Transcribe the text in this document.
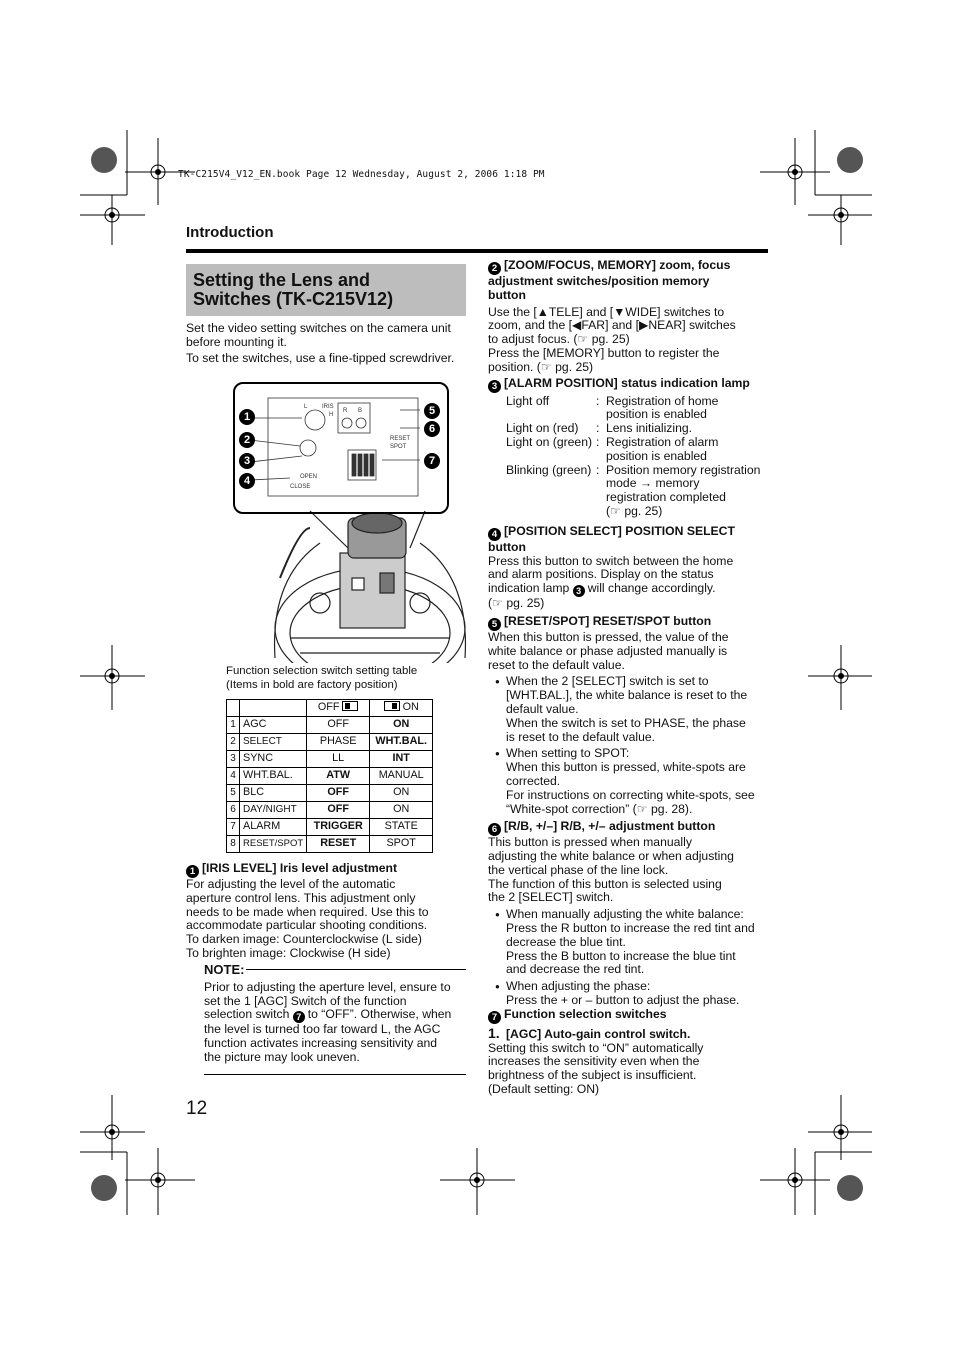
TK-C215V4_V12_EN.book Page 12 Wednesday, August 2, 2006 1:18 PM
Introduction
Setting the Lens and
Switches (TK-C215V12)

Set the video setting switches on the camera unit before mounting it.

To set the switches, use a fine-tipped screwdriver.

OPEN
CLOSE
RESET
SPOT
R B
IRIS
L
H
1
2
3
4
5
6
7
Function selection switch setting table
(Items in bold are factory position)
		OFF	ON
1	AGC	OFF	ON
2	SELECT	PHASE	WHT.BAL.
3	SYNC	LL	INT
4	WHT.BAL.	ATW	MANUAL
5	BLC	OFF	ON
6	DAY/NIGHT	OFF	ON
7	ALARM	TRIGGER	STATE
8	RESET/SPOT	RESET	SPOT

1 [IRIS LEVEL] Iris level adjustment

For adjusting the level of the automatic

aperture control lens. This adjustment only

needs to be made when required. Use this to

accommodate particular shooting conditions.

To darken image: Counterclockwise (L side)

To brighten image: Clockwise (H side)

NOTE:

Prior to adjusting the aperture level, ensure to

set the 1 [AGC] Switch of the function

selection switch 7 to “OFF”. Otherwise, when

the level is turned too far toward L, the AGC

function activates increasing sensitivity and

the picture may look uneven.

2 [ZOOM/FOCUS, MEMORY] zoom, focus

adjustment switches/position memory

button

Use the [▲TELE] and [▼WIDE] switches to

zoom, and the [◀FAR] and [▶NEAR] switches

to adjust focus. (☞ pg. 25)

Press the [MEMORY] button to register the

position. (☞ pg. 25)

3 [ALARM POSITION] status indication lamp

Light off	: Registration of home
position is enabled
Light on (red)	: Lens initializing.
Light on (green) : Registration of alarm
position is enabled
Blinking (green) : Position memory registration
mode → memory
registration completed
(☞ pg. 25)

4 [POSITION SELECT] POSITION SELECT

button

Press this button to switch between the home

and alarm positions. Display on the status

indication lamp 3 will change accordingly.

(☞ pg. 25)

5 [RESET/SPOT] RESET/SPOT button

When this button is pressed, the value of the

white balance or phase adjusted manually is

reset to the default value.

● When the 2 [SELECT] switch is set to
[WHT.BAL.], the white balance is reset to the
default value.
When the switch is set to PHASE, the phase
is reset to the default value.
● When setting to SPOT:
When this button is pressed, white-spots are
corrected.
For instructions on correcting white-spots, see
“White-spot correction” (☞ pg. 28).

6 [R/B, +/–] R/B, +/– adjustment button

This button is pressed when manually

adjusting the white balance or when adjusting

the vertical phase of the line lock.

The function of this button is selected using

the 2 [SELECT] switch.

● When manually adjusting the white balance:
Press the R button to increase the red tint and
decrease the blue tint.
Press the B button to increase the blue tint
and decrease the red tint.
● When adjusting the phase:
Press the + or – button to adjust the phase.

7 Function selection switches

1. [AGC] Auto-gain control switch.

Setting this switch to “ON” automatically

increases the sensitivity even when the

brightness of the subject is insufficient.

(Default setting: ON)

12
